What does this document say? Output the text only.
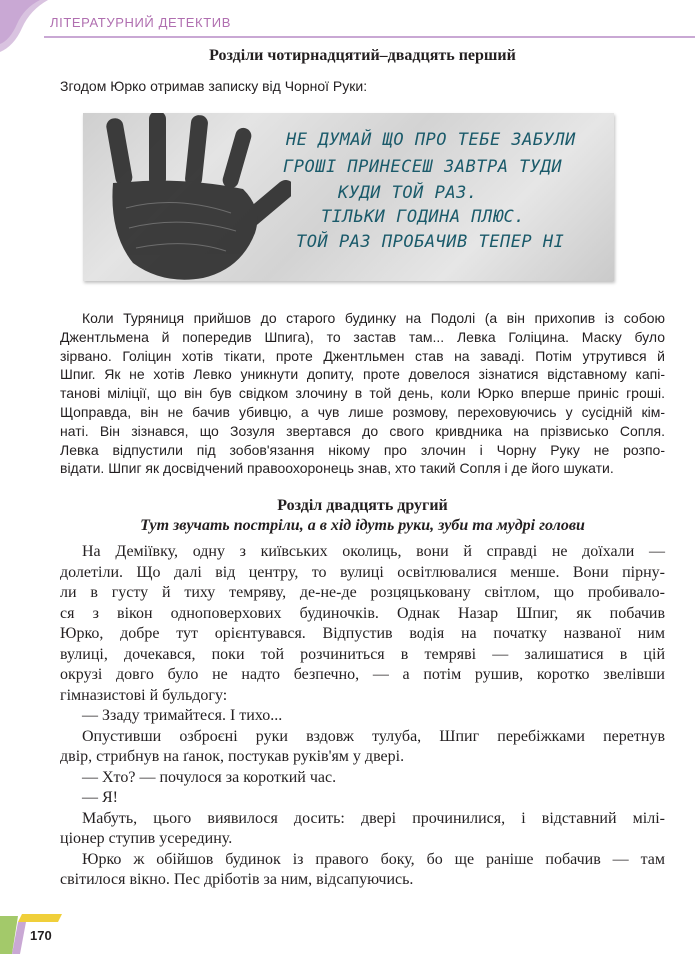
ЛІТЕРАТУРНИЙ ДЕТЕКТИВ
Розділи чотирнадцятий–двадцять перший
Згодом Юрко отримав записку від Чорної Руки:
НЕ ДУМАЙ ЩО ПРО ТЕБЕ ЗАБУЛИ
ГРОШІ ПРИНЕСЕШ ЗАВТРА ТУДИ
КУДИ ТОЙ РАЗ.
ТІЛЬКИ ГОДИНА ПЛЮС.
ТОЙ РАЗ ПРОБАЧИВ ТЕПЕР НІ
Коли Туряниця прийшов до старого будинку на Подолі (а він прихопив із собою
Джентльмена й попередив Шпига), то застав там... Левка Голіцина. Маску було
зірвано. Голіцин хотів тікати, проте Джентльмен став на заваді. Потім утрутився й
Шпиг. Як не хотів Левко уникнути допиту, проте довелося зізнатися відставному капі-
танові міліції, що він був свідком злочину в той день, коли Юрко вперше приніс гроші.
Щоправда, він не бачив убивцю, а чув лише розмову, переховуючись у сусідній кім-
наті. Він зізнався, що Зозуля звертався до свого кривдника на прізвисько Сопля.
Левка відпустили під зобов'язання нікому про злочин і Чорну Руку не розпо-
відати. Шпиг як досвідчений правоохоронець знав, хто такий Сопля і де його шукати.
Розділ двадцять другий
Тут звучать постріли, а в хід ідуть руки, зуби та мудрі голови
На Деміївку, одну з київських околиць, вони й справді не доїхали —
долетіли. Що далі від центру, то вулиці освітлювалися менше. Вони пірну-
ли в густу й тиху темряву, де-не-де розцяцьковану світлом, що пробивало-
ся з вікон одноповерхових будиночків. Однак Назар Шпиг, як побачив
Юрко, добре тут орієнтувався. Відпустив водія на початку названої ним
вулиці, дочекався, поки той розчиниться в темряві — залишатися в цій
окрузі довго було не надто безпечно, — а потім рушив, коротко звелівши
гімназистові й бульдогу:
— Ззаду тримайтеся. І тихо...
Опустивши озброєні руки вздовж тулуба, Шпиг перебіжками перетнув
двір, стрибнув на ґанок, постукав руків'ям у двері.
— Хто? — почулося за короткий час.
— Я!
Мабуть, цього виявилося досить: двері прочинилися, і відставний мілі-
ціонер ступив усередину.
Юрко ж обійшов будинок із правого боку, бо ще раніше побачив — там
світилося вікно. Пес дріботів за ним, відсапуючись.
170
